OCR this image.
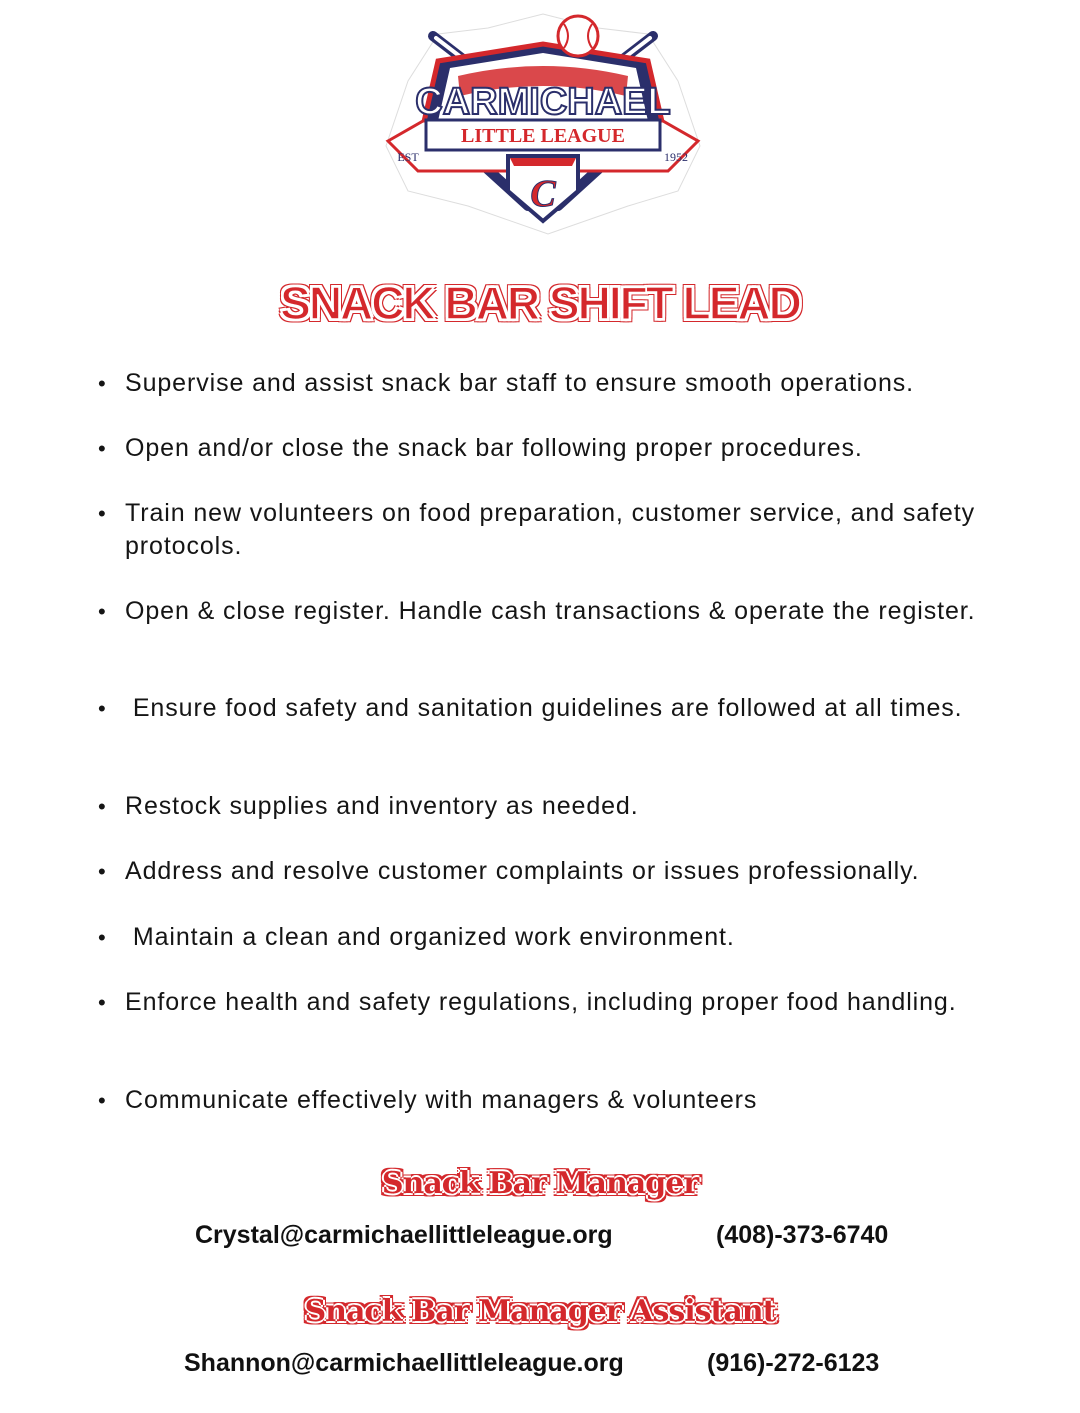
CARMICHAEL
LITTLE LEAGUE
EST	1952
C
SNACK BAR SHIFT LEAD
• Supervise and assist snack bar staff to ensure smooth operations.
• Open and/or close the snack bar following proper procedures.
• Train new volunteers on food preparation, customer service, and safety protocols.
• Open & close register. Handle cash transactions & operate the register.
• Ensure food safety and sanitation guidelines are followed at all times.
• Restock supplies and inventory as needed.
• Address and resolve customer complaints or issues professionally.
• Maintain a clean and organized work environment.
• Enforce health and safety regulations, including proper food handling.
• Communicate effectively with managers & volunteers
Snack Bar Manager
Crystal@carmichaellittleleague.org	(408)-373-6740
Snack Bar Manager Assistant
Shannon@carmichaellittleleague.org	(916)-272-6123
